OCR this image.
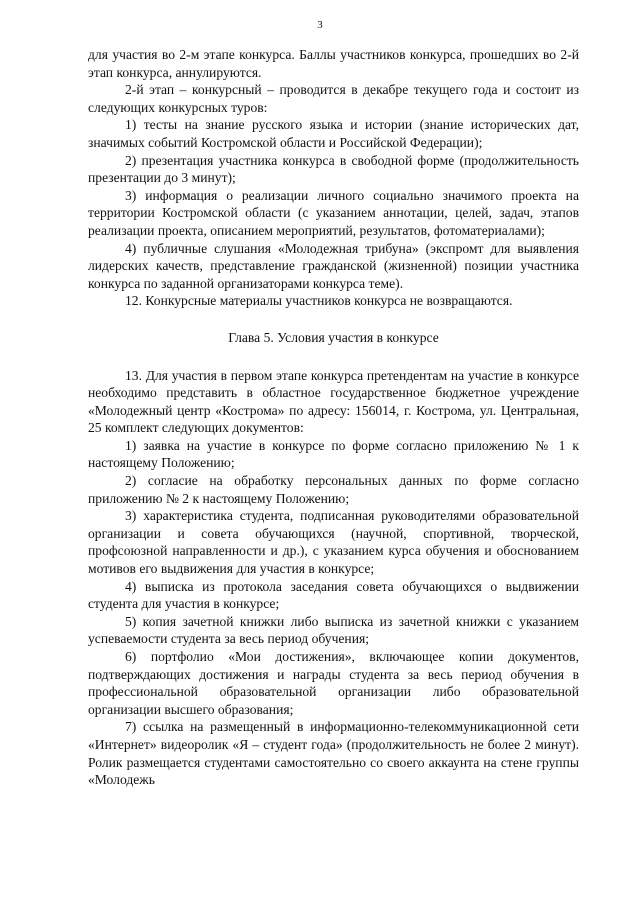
3

для участия во 2-м этапе конкурса. Баллы участников конкурса, прошедших во 2-й этап конкурса, аннулируются.

2-й этап – конкурсный – проводится в декабре текущего года и состоит из следующих конкурсных туров:

1) тесты на знание русского языка и истории (знание исторических дат, значимых событий Костромской области и Российской Федерации);

2) презентация участника конкурса в свободной форме (продолжительность презентации до 3 минут);

3) информация о реализации личного социально значимого проекта на территории Костромской области (с указанием аннотации, целей, задач, этапов реализации проекта, описанием мероприятий, результатов, фотоматериалами);

4) публичные слушания «Молодежная трибуна» (экспромт для выявления лидерских качеств, представление гражданской (жизненной) позиции участника конкурса по заданной организаторами конкурса теме).

12. Конкурсные материалы участников конкурса не возвращаются.

Глава 5. Условия участия в конкурсе

13. Для участия в первом этапе конкурса претендентам на участие в конкурсе необходимо представить в областное государственное бюджетное учреждение «Молодежный центр «Кострома» по адресу: 156014, г. Кострома, ул. Центральная, 25 комплект следующих документов:

1) заявка на участие в конкурсе по форме согласно приложению № 1 к настоящему Положению;

2) согласие на обработку персональных данных по форме согласно приложению № 2 к настоящему Положению;

3) характеристика студента, подписанная руководителями образовательной организации и совета обучающихся (научной, спортивной, творческой, профсоюзной направленности и др.), с указанием курса обучения и обоснованием мотивов его выдвижения для участия в конкурсе;

4) выписка из протокола заседания совета обучающихся о выдвижении студента для участия в конкурсе;

5) копия зачетной книжки либо выписка из зачетной книжки с указанием успеваемости студента за весь период обучения;

6) портфолио «Мои достижения», включающее копии документов, подтверждающих достижения и награды студента за весь период обучения в профессиональной образовательной организации либо образовательной организации высшего образования;

7) ссылка на размещенный в информационно-телекоммуникационной сети «Интернет» видеоролик «Я – студент года» (продолжительность не более 2 минут). Ролик размещается студентами самостоятельно со своего аккаунта на стене группы «Молодежь
